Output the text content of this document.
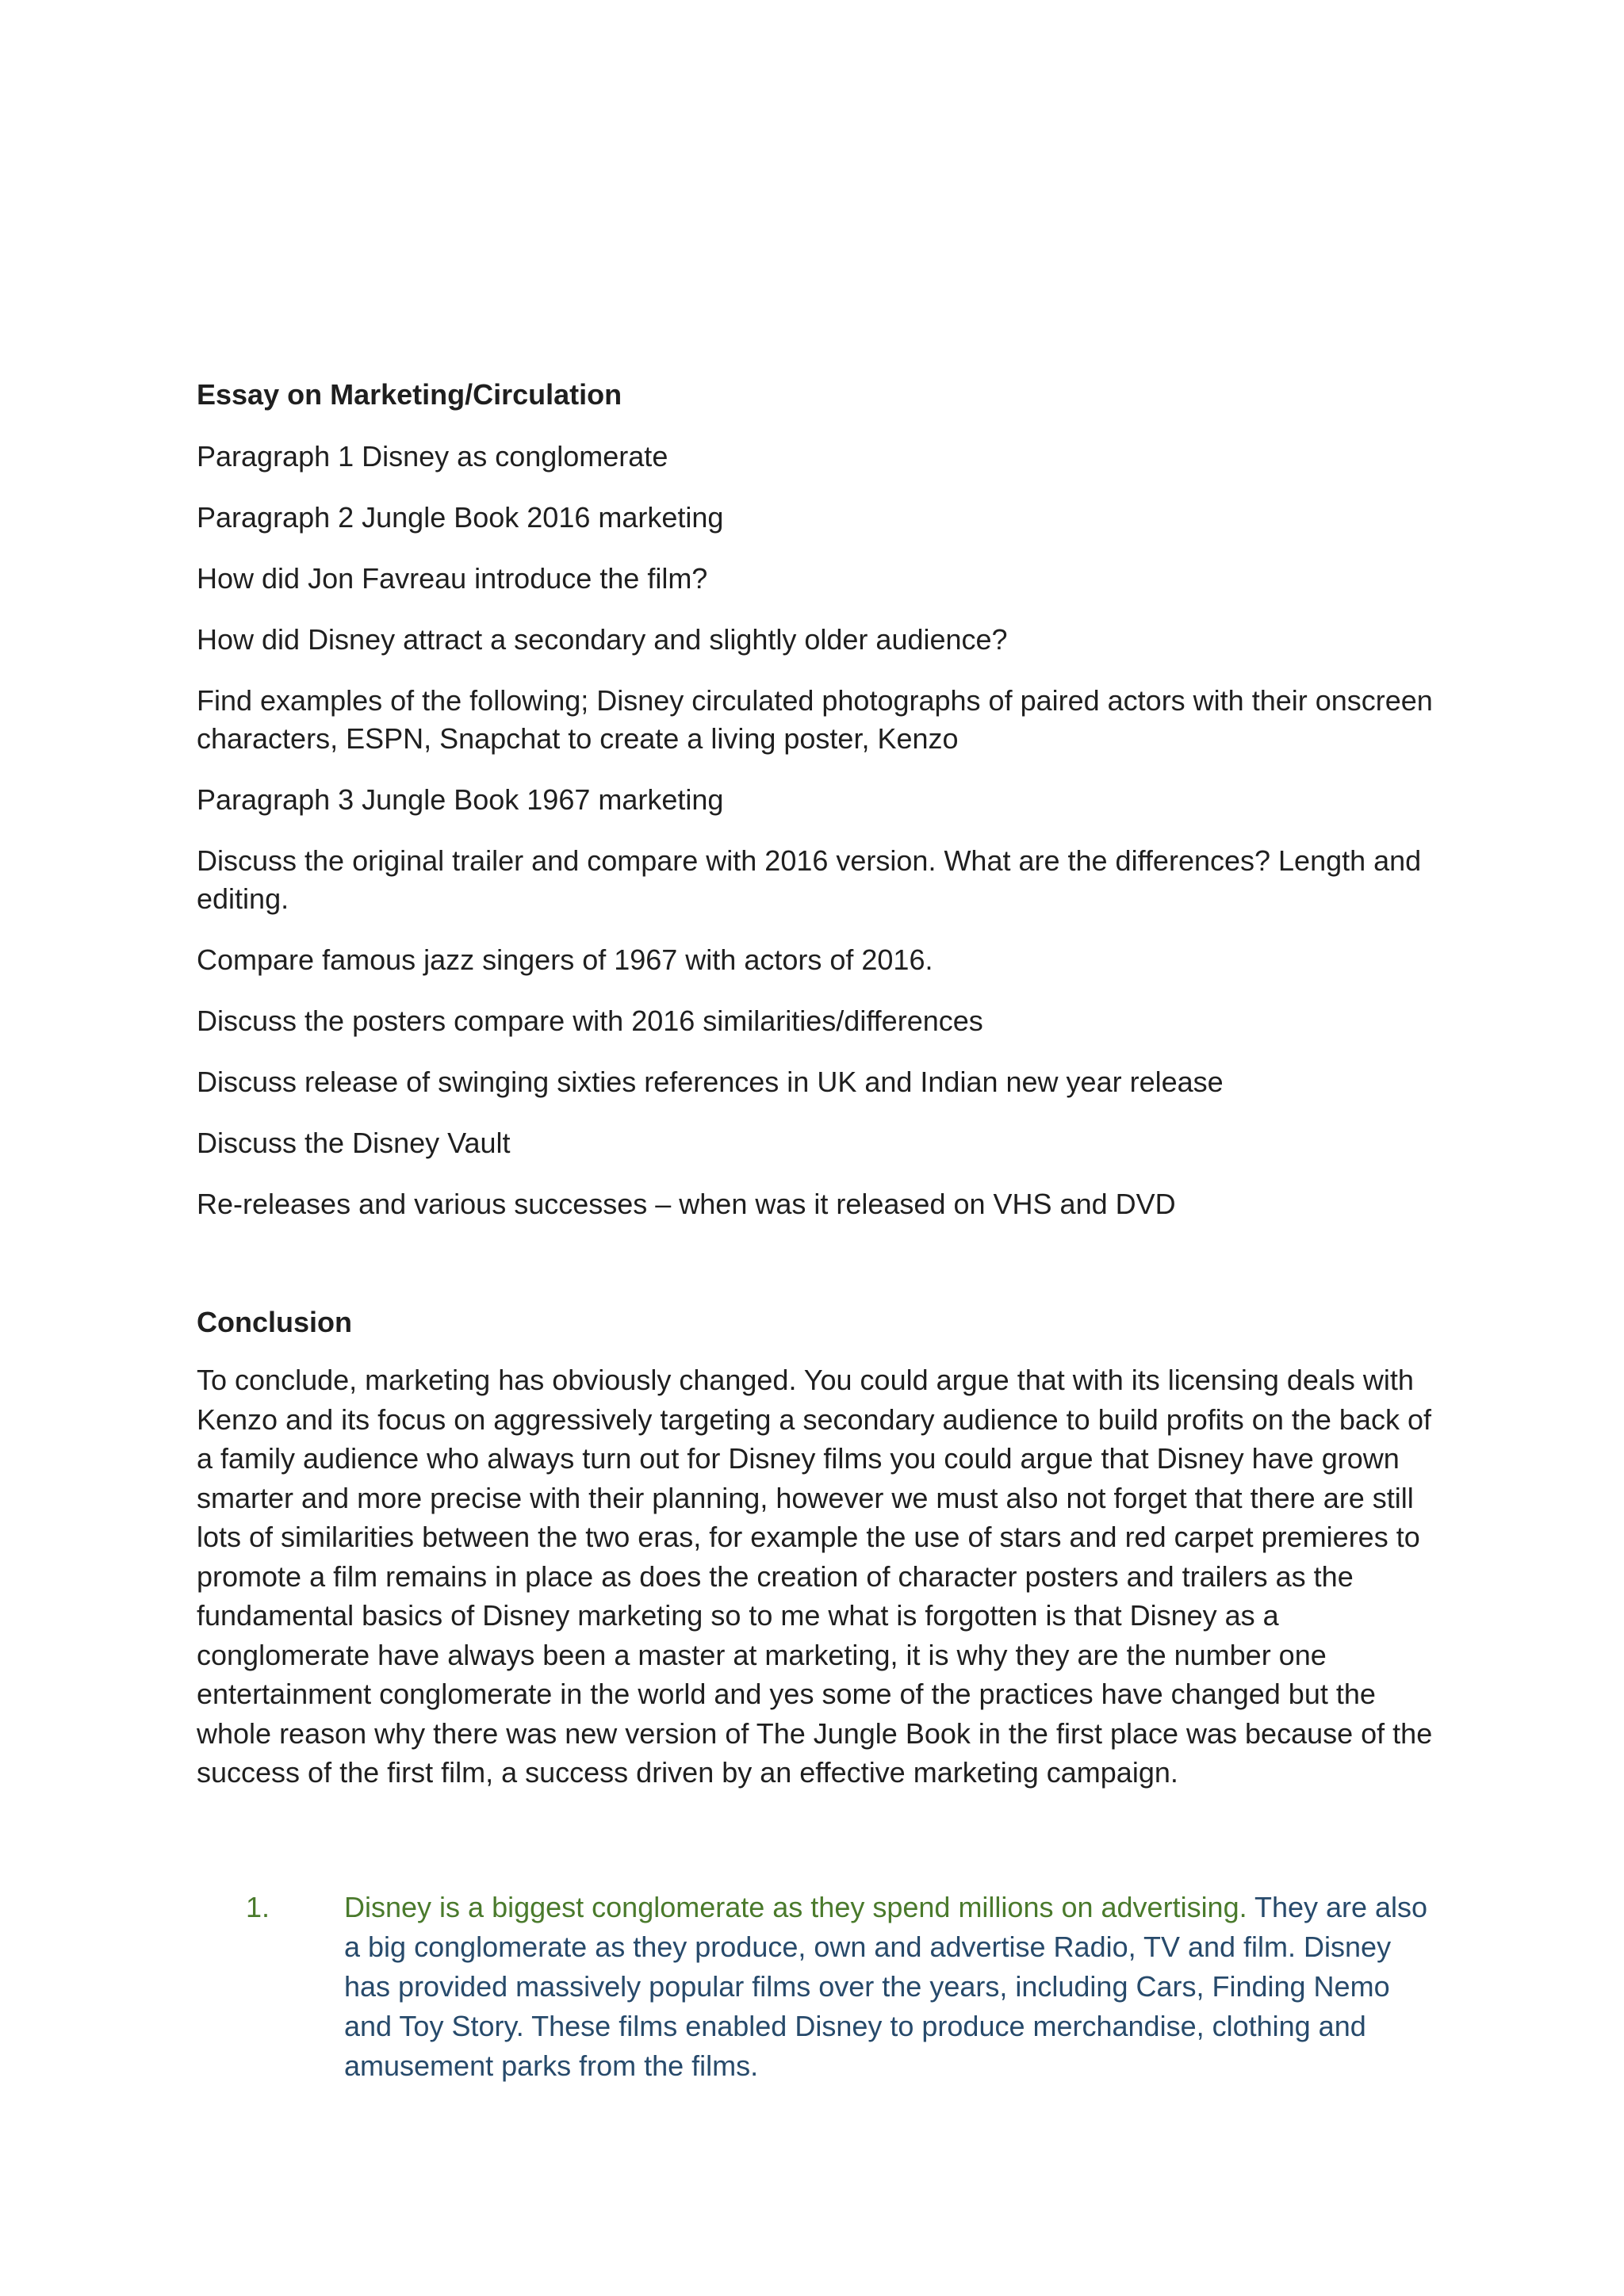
Essay on Marketing/Circulation
Paragraph 1 Disney as conglomerate
Paragraph 2 Jungle Book 2016 marketing
How did Jon Favreau introduce the film?
How did Disney attract a secondary and slightly older audience?
Find examples of the following; Disney circulated photographs of paired actors with their onscreen characters, ESPN, Snapchat to create a living poster, Kenzo
Paragraph 3 Jungle Book 1967 marketing
Discuss the original trailer and compare with 2016 version. What are the differences? Length and editing.
Compare famous jazz singers of 1967 with actors of 2016.
Discuss the posters compare with 2016 similarities/differences
Discuss release of swinging sixties references in UK and Indian new year release
Discuss the Disney Vault
Re-releases and various successes – when was it released on VHS and DVD
Conclusion
To conclude, marketing has obviously changed. You could argue that with its licensing deals with Kenzo and its focus on aggressively targeting a secondary audience to build profits on the back of a family audience who always turn out for Disney films you could argue that Disney have grown smarter and more precise with their planning, however we must also not forget that there are still lots of similarities between the two eras, for example the use of stars and red carpet premieres to promote a film remains in place as does the creation of character posters and trailers as the fundamental basics of Disney marketing so to me what is forgotten is that Disney as a conglomerate have always been a master at marketing, it is why they are the number one entertainment conglomerate in the world and yes some of the practices have changed but the whole reason why there was new version of The Jungle Book in the first place was because of the success of the first film, a success driven by an effective marketing campaign.
1.	Disney is a biggest conglomerate as they spend millions on advertising. They are also a big conglomerate as they produce, own and advertise Radio, TV and film. Disney has provided massively popular films over the years, including Cars, Finding Nemo and Toy Story. These films enabled Disney to produce merchandise, clothing and amusement parks from the films.
